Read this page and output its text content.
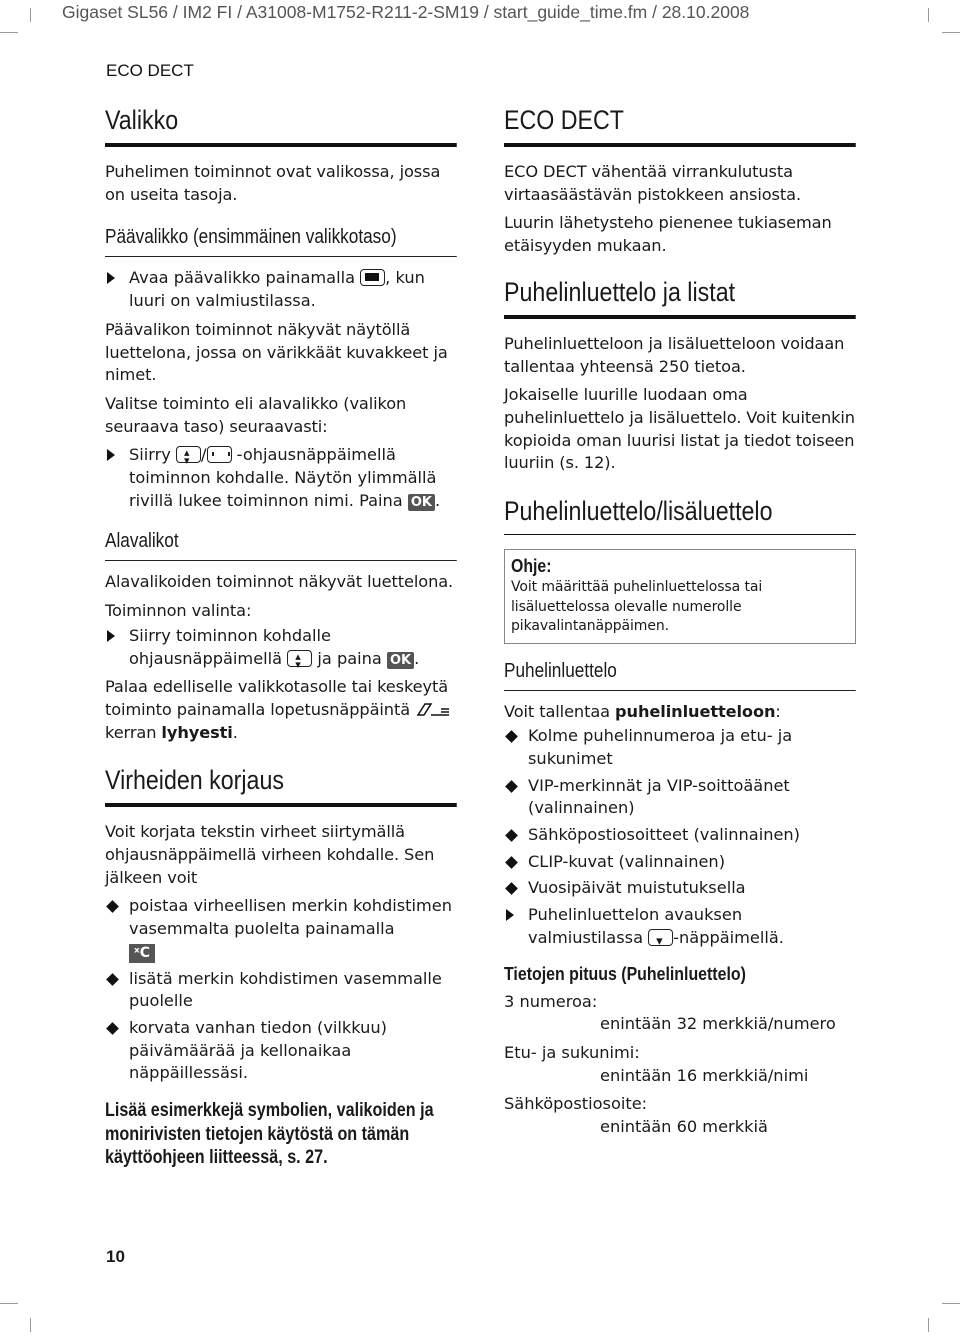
Gigaset SL56 / IM2 FI / A31008-M1752-R211-2-SM19 / start_guide_time.fm / 28.10.2008
ECO DECT
Valikko

Puhelimen toiminnot ovat valikossa, jossa on useita tasoja.

Päävalikko (ensimmäinen valikkotaso)
Avaa päävalikko painamalla , kun luuri on valmiustilassa.

Päävalikon toiminnot näkyvät näytöllä luettelona, jossa on värikkäät kuvakkeet ja nimet.

Valitse toiminto eli alavalikko (valikon seuraava taso) seuraavasti:

Siirry ▴ ▾ / -ohjausnäppäimellä toiminnon kohdalle. Näytön ylimmällä rivillä lukee toiminnon nimi. Paina OK .
Alavalikot

Alavalikoiden toiminnot näkyvät luettelona.

Toiminnon valinta:

Siirry toiminnon kohdalle ohjausnäppäimellä ▴ ▾ ja paina OK .

Palaa edelliselle valikkotasolle tai keskeytä toiminto painamalla lopetusnäppäintä  kerran lyhyesti.

Virheiden korjaus

Voit korjata tekstin virheet siirtymällä ohjausnäppäimellä virheen kohdalle. Sen jälkeen voit

poistaa virheellisen merkin kohdistimen vasemmalta puolelta painamalla
ˣC
lisätä merkin kohdistimen vasemmalle puolelle
korvata vanhan tiedon (vilkkuu) päivämäärää ja kellonaikaa näppäillessäsi.
Lisää esimerkkejä symbolien, valikoiden ja monirivisten tietojen käytöstä on tämän käyttöohjeen liitteessä, s. 27.
ECO DECT

ECO DECT vähentää virrankulutusta virtaasäästävän pistokkeen ansiosta.

Luurin lähetysteho pienenee tukiaseman etäisyyden mukaan.

Puhelinluettelo ja listat

Puhelinluetteloon ja lisäluetteloon voidaan tallentaa yhteensä 250 tietoa.

Jokaiselle luurille luodaan oma puhelinluettelo ja lisäluettelo. Voit kuitenkin kopioida oman luurisi listat ja tiedot toiseen luuriin (s. 12).

Puhelinluettelo/lisäluettelo
Ohje:

Voit määrittää puhelinluettelossa tai lisäluettelossa olevalle numerolle pikavalintanäppäimen.

Puhelinluettelo

Voit tallentaa puhelinluetteloon:

Kolme puhelinnumeroa ja etu- ja sukunimet
VIP-merkinnät ja VIP-soittoäänet (valinnainen)
Sähköpostiosoitteet (valinnainen)
CLIP-kuvat (valinnainen)
Vuosipäivät muistutuksella
Puhelinluettelon avauksen valmiustilassa ▾ -näppäimellä.
Tietojen pituus (Puhelinluettelo)
3 numeroa:
enintään 32 merkkiä/numero
Etu- ja sukunimi:
enintään 16 merkkiä/nimi
Sähköpostiosoite:
enintään 60 merkkiä
10
